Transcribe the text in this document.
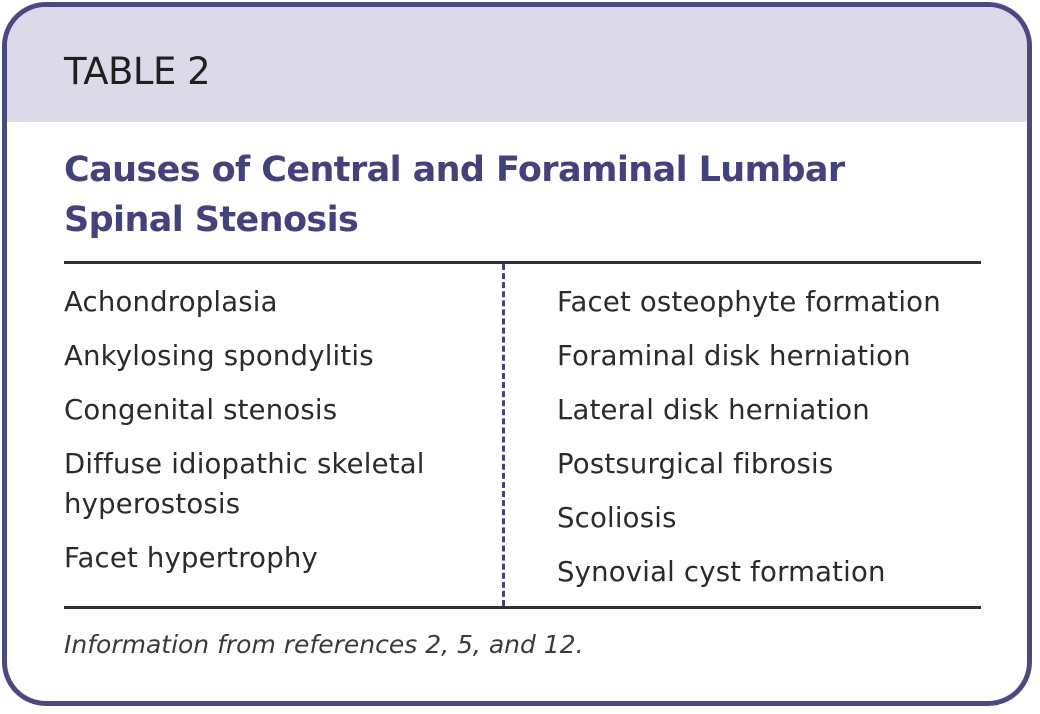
TABLE 2
Causes of Central and Foraminal Lumbar Spinal Stenosis
Achondroplasia
Ankylosing spondylitis
Congenital stenosis
Diffuse idiopathic skeletal hyperostosis
Facet hypertrophy
Facet osteophyte formation
Foraminal disk herniation
Lateral disk herniation
Postsurgical fibrosis
Scoliosis
Synovial cyst formation

Information from references 2, 5, and 12.
